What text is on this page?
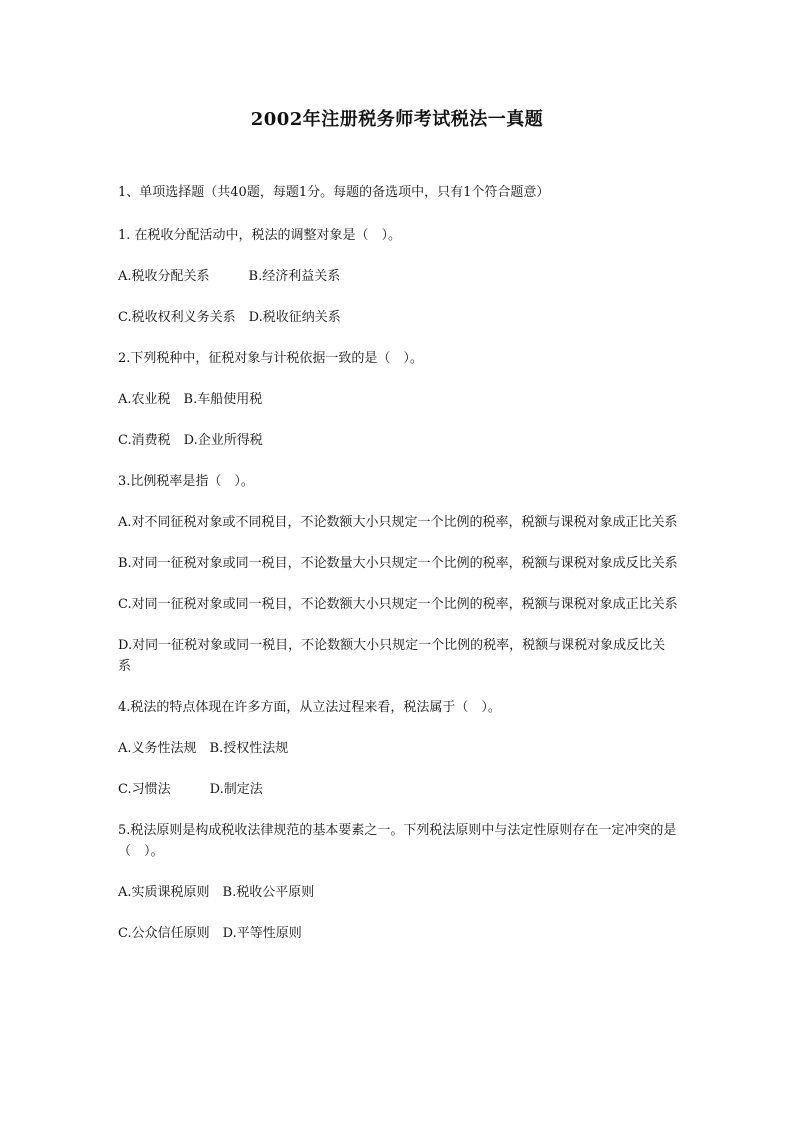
2002年注册税务师考试税法一真题

1、单项选择题（共40题，每题1分。每题的备选项中，只有1个符合题意）

1. 在税收分配活动中，税法的调整对象是（　）。

A.税收分配关系　　　B.经济利益关系

C.税收权利义务关系　D.税收征纳关系

2.下列税种中，征税对象与计税依据一致的是（　）。

A.农业税　B.车船使用税

C.消费税　D.企业所得税

3.比例税率是指（　）。

A.对不同征税对象或不同税目，不论数额大小只规定一个比例的税率，税额与课税对象成正比关系

B.对同一征税对象或同一税目，不论数量大小只规定一个比例的税率，税额与课税对象成反比关系

C.对同一征税对象或同一税目，不论数额大小只规定一个比例的税率，税额与课税对象成正比关系

D.对同一征税对象或同一税目，不论数额大小只规定一个比例的税率，税额与课税对象成反比关系

4.税法的特点体现在许多方面，从立法过程来看，税法属于（　）。

A.义务性法规　B.授权性法规

C.习惯法　　　D.制定法

5.税法原则是构成税收法律规范的基本要素之一。下列税法原则中与法定性原则存在一定冲突的是（　）。

A.实质课税原则　B.税收公平原则

C.公众信任原则　D.平等性原则
